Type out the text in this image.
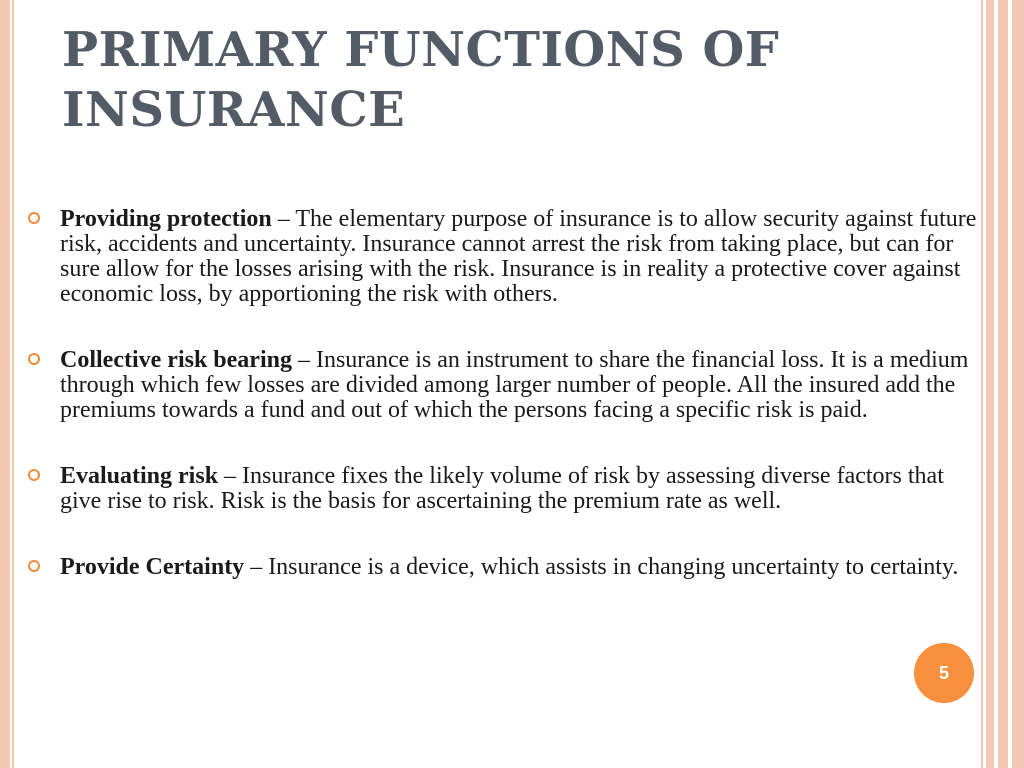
PRIMARY FUNCTIONS OF INSURANCE
Providing protection – The elementary purpose of insurance is to allow security against future risk, accidents and uncertainty. Insurance cannot arrest the risk from taking place, but can for sure allow for the losses arising with the risk. Insurance is in reality a protective cover against economic loss, by apportioning the risk with others.
Collective risk bearing – Insurance is an instrument to share the financial loss. It is a medium through which few losses are divided among larger number of people. All the insured add the premiums towards a fund and out of which the persons facing a specific risk is paid.
Evaluating risk – Insurance fixes the likely volume of risk by assessing diverse factors that give rise to risk. Risk is the basis for ascertaining the premium rate as well.
Provide Certainty – Insurance is a device, which assists in changing uncertainty to certainty.
5
